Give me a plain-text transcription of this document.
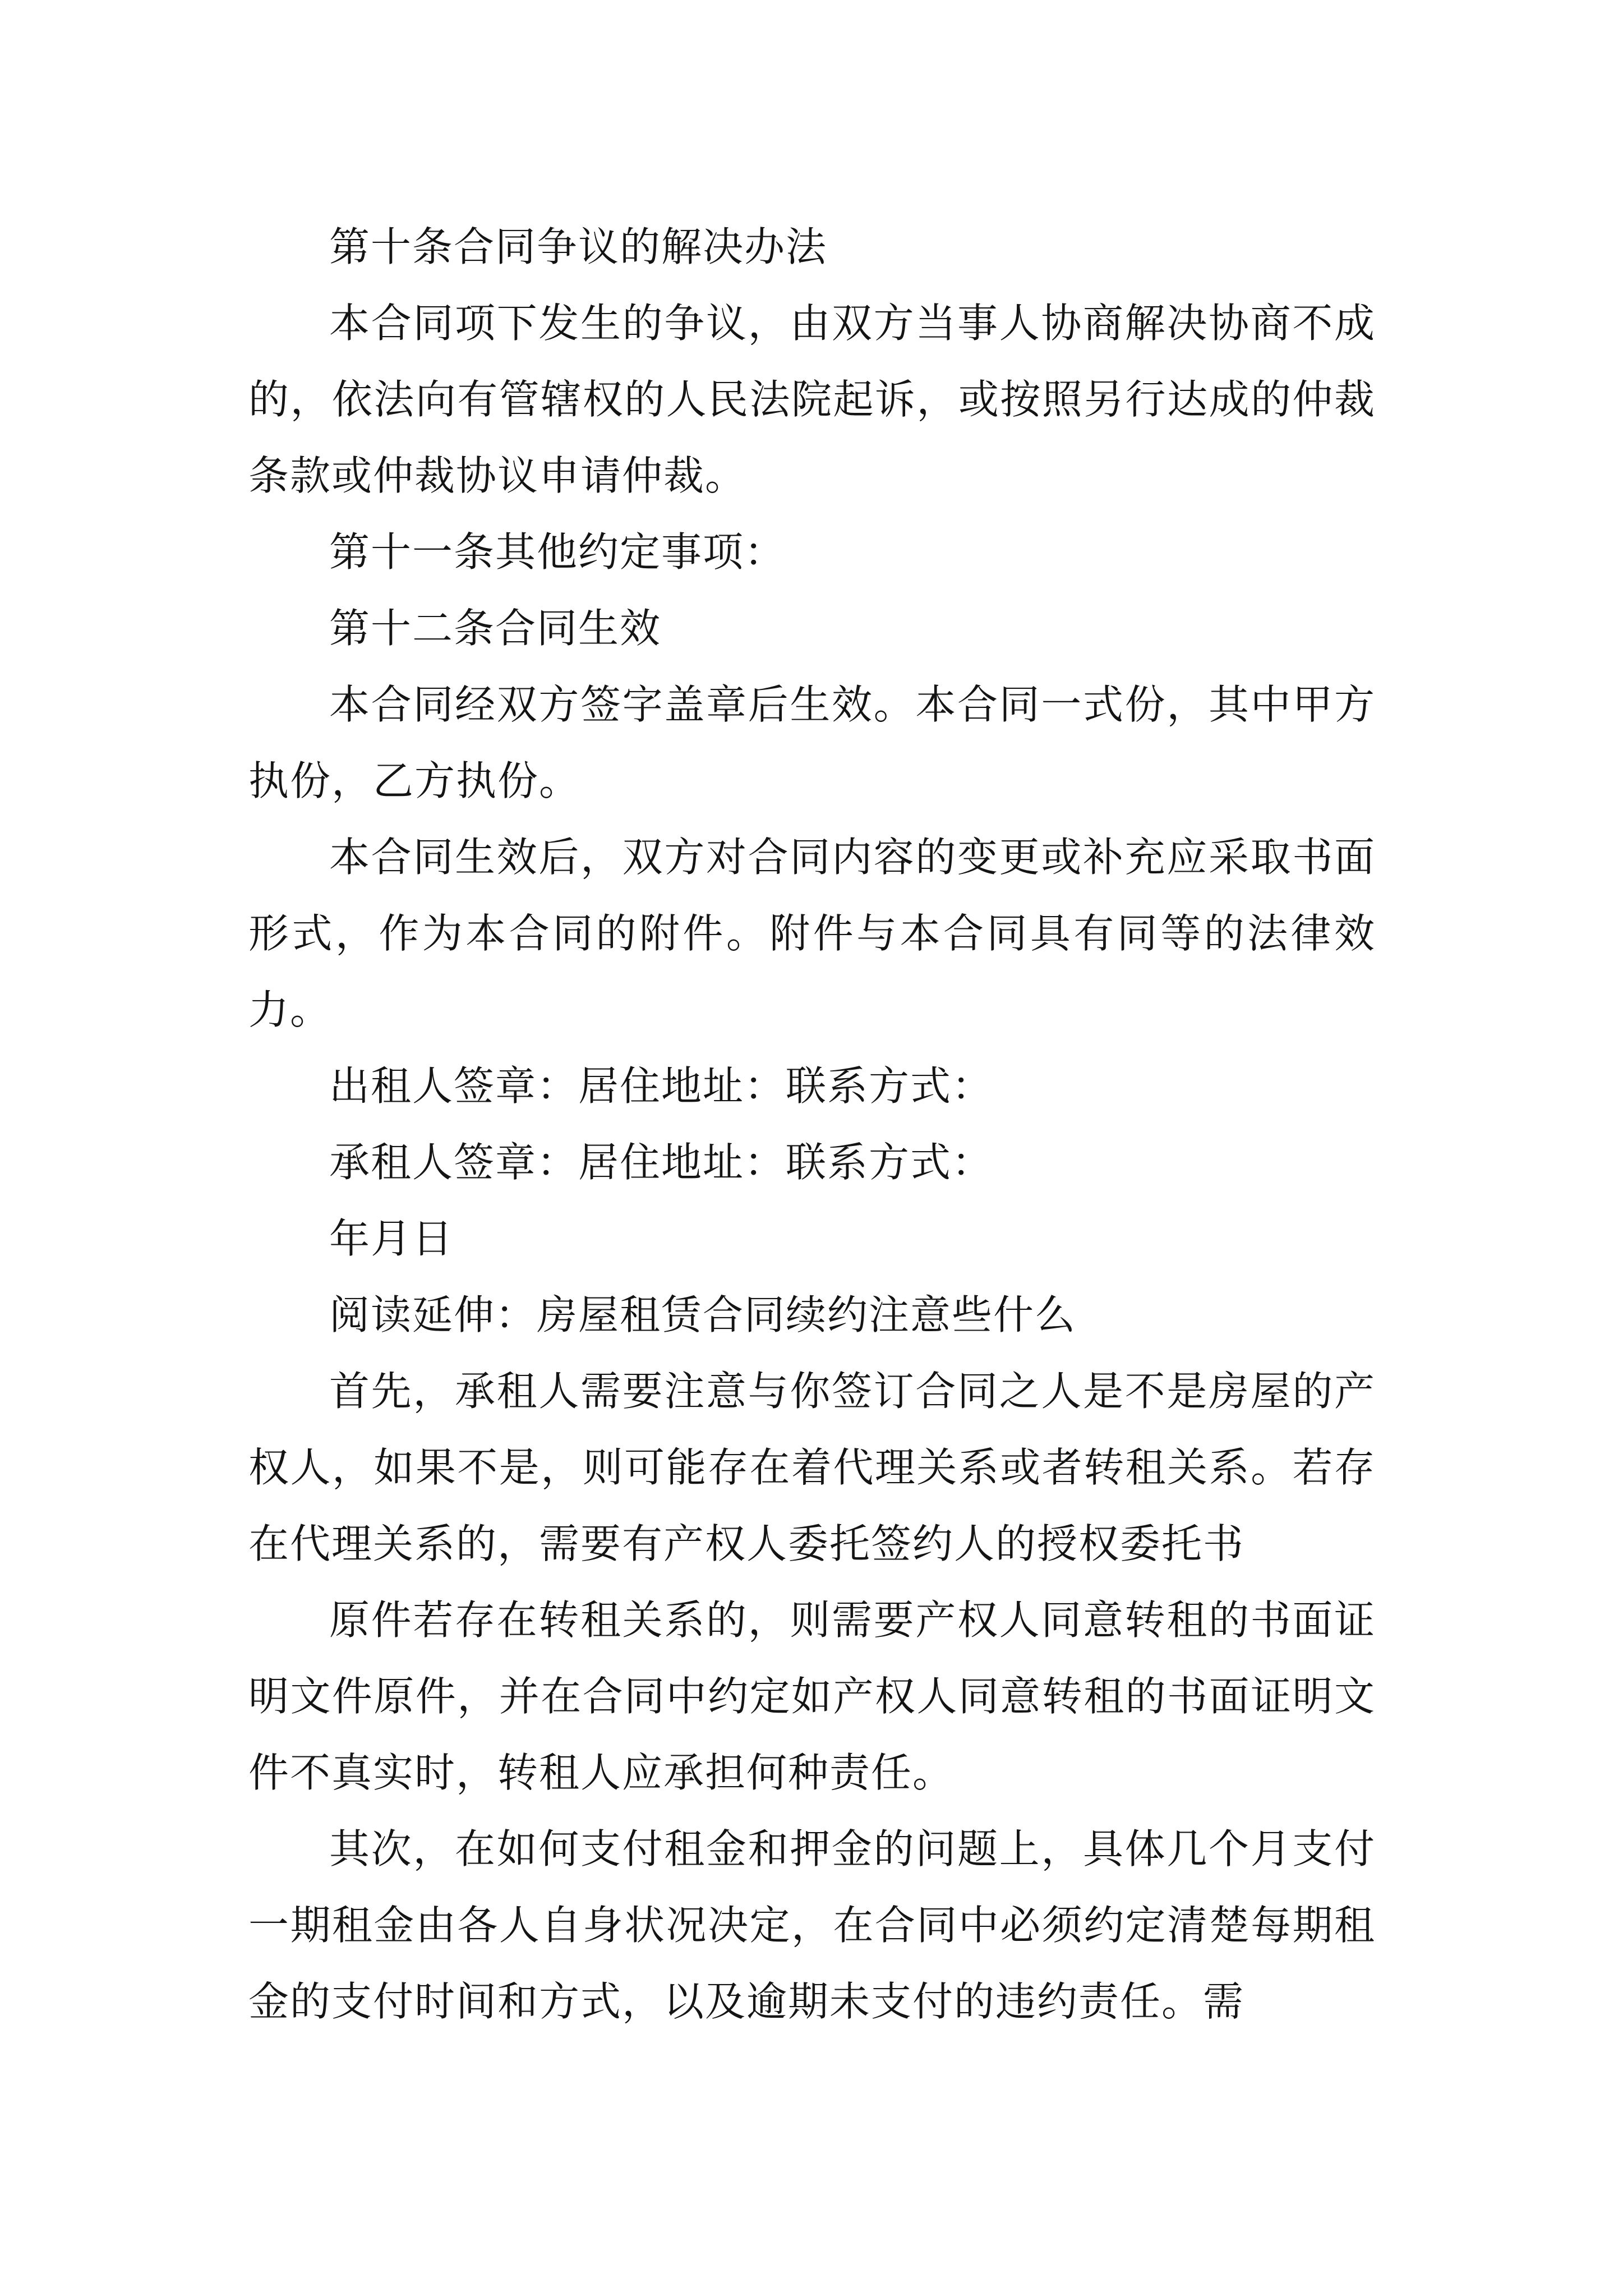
第十条合同争议的解决办法

本合同项下发生的争议，由双方当事人协商解决协商不成的，依法向有管辖权的人民法院起诉，或按照另行达成的仲裁条款或仲裁协议申请仲裁。

第十一条其他约定事项：

第十二条合同生效

本合同经双方签字盖章后生效。本合同一式份，其中甲方执份，乙方执份。

本合同生效后，双方对合同内容的变更或补充应采取书面形式，作为本合同的附件。附件与本合同具有同等的法律效力。

出租人签章：居住地址：联系方式：

承租人签章：居住地址：联系方式：

年月日

阅读延伸：房屋租赁合同续约注意些什么

首先，承租人需要注意与你签订合同之人是不是房屋的产权人，如果不是，则可能存在着代理关系或者转租关系。若存在代理关系的，需要有产权人委托签约人的授权委托书

原件若存在转租关系的，则需要产权人同意转租的书面证明文件原件，并在合同中约定如产权人同意转租的书面证明文件不真实时，转租人应承担何种责任。

其次，在如何支付租金和押金的问题上，具体几个月支付一期租金由各人自身状况决定，在合同中必须约定清楚每期租金的支付时间和方式，以及逾期未支付的违约责任。需
